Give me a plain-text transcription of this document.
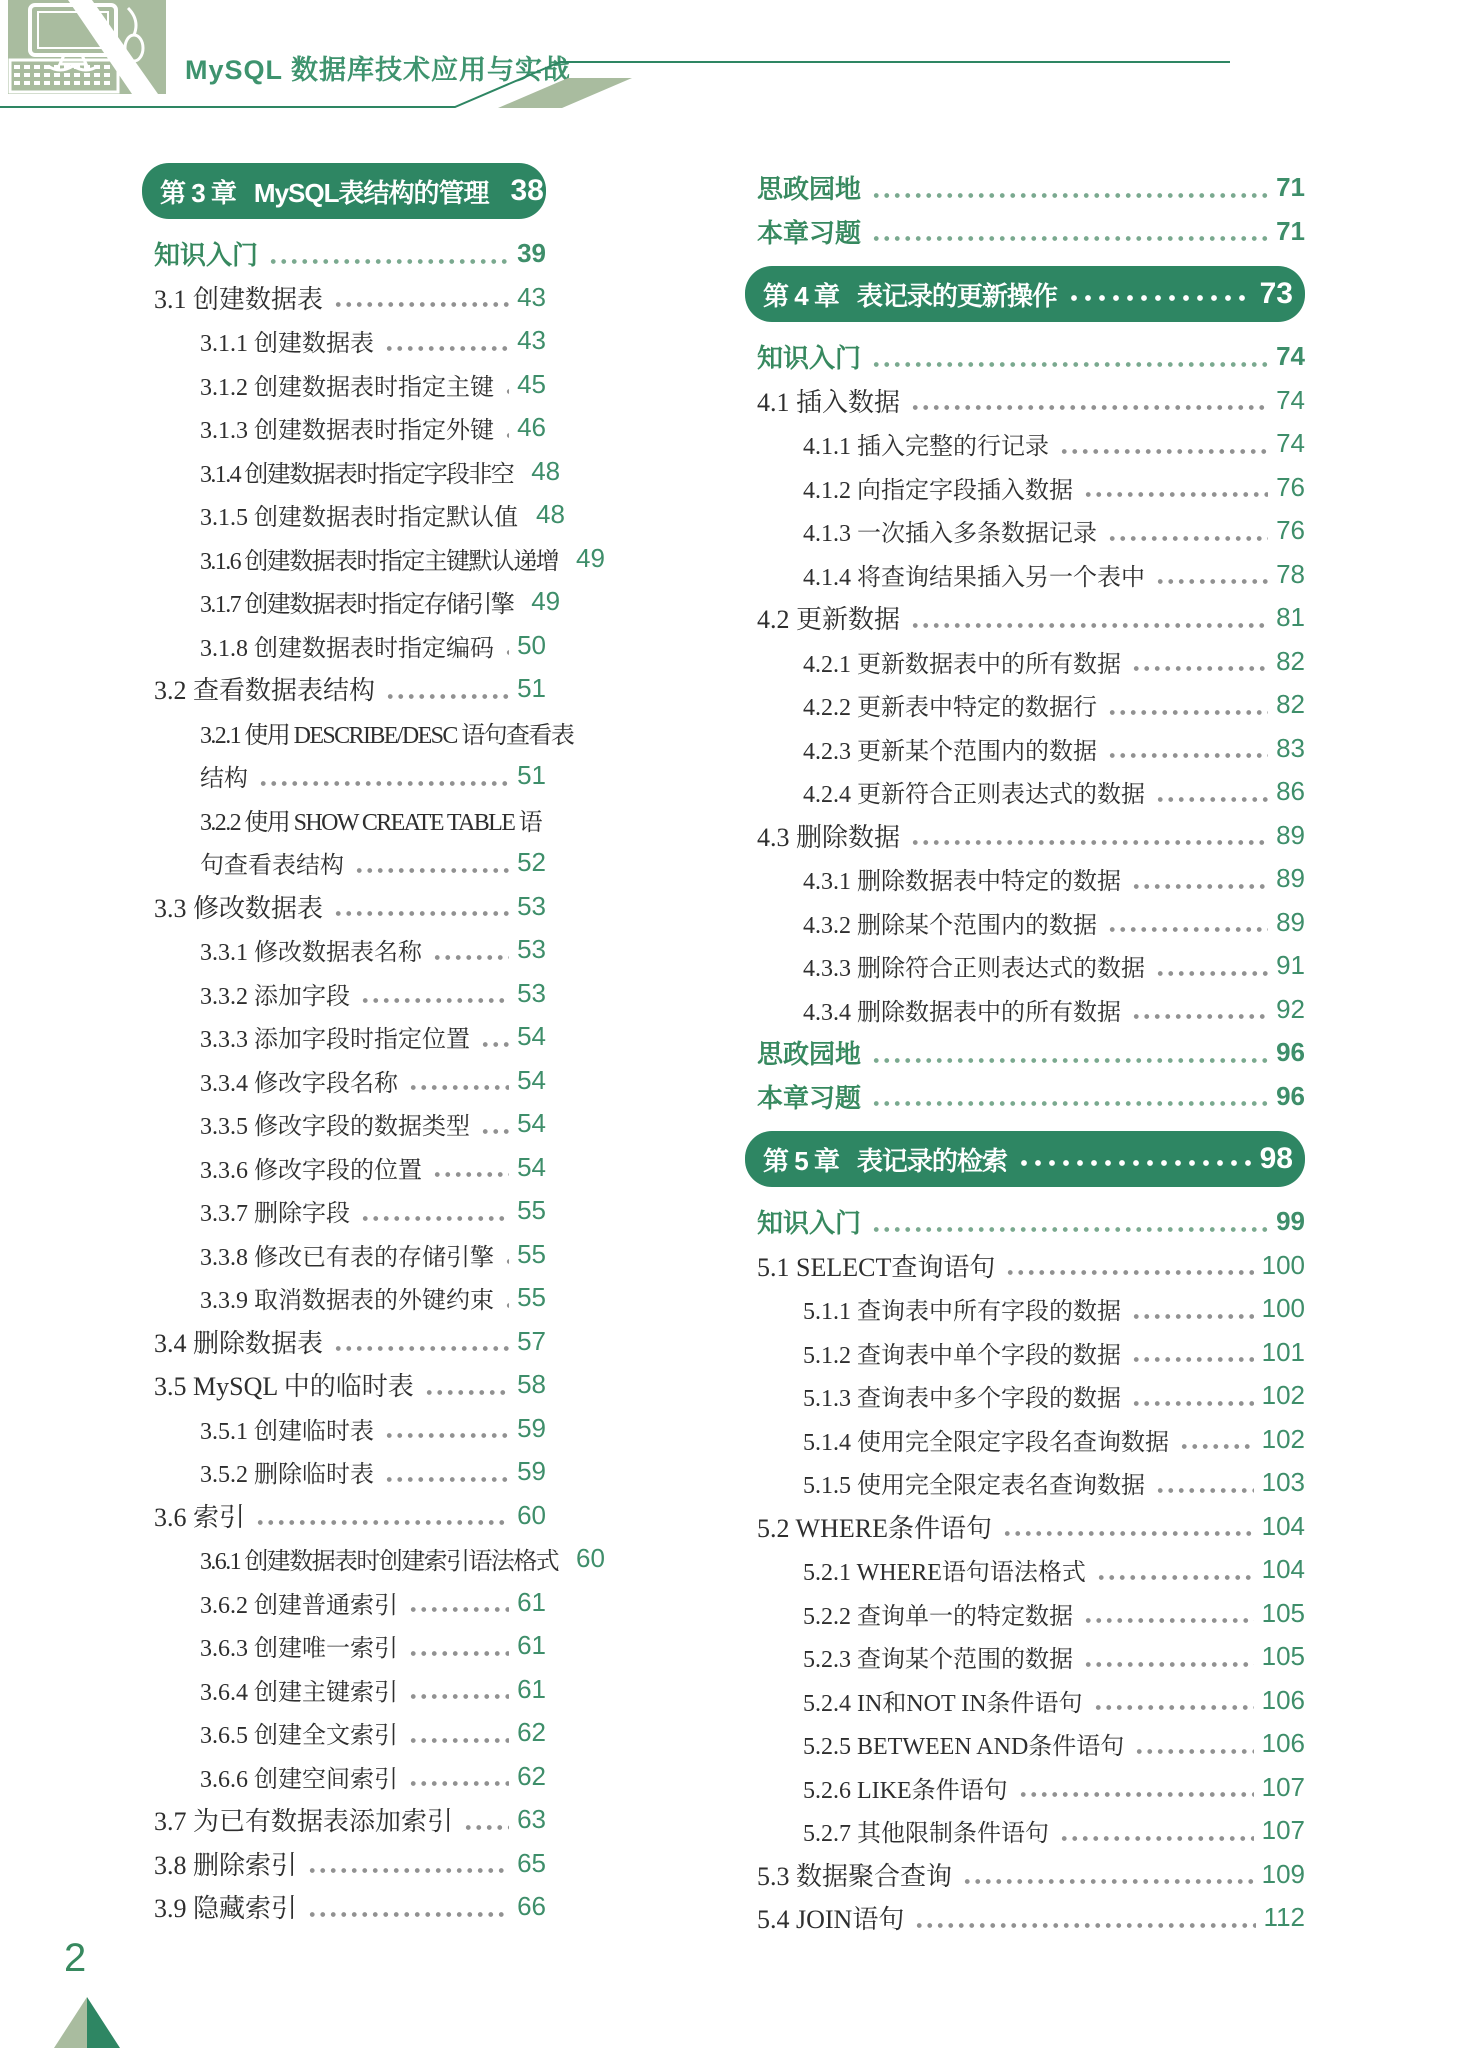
MySQL 数据库技术应用与实战
第 3 章 MySQL表结构的管理 38
知识入门	39
3.1 创建数据表	43
3.1.1 创建数据表	43
3.1.2 创建数据表时指定主键 45
3.1.3 创建数据表时指定外键 46
3.1.4 创建数据表时指定字段非空 48
3.1.5 创建数据表时指定默认值 48
3.1.6 创建数据表时指定主键默认递增 49
3.1.7 创建数据表时指定存储引擎 49
3.1.8 创建数据表时指定编码 50
3.2 查看数据表结构	51
3.2.1 使用 DESCRIBE/DESC 语句查看表
结构	51
3.2.2 使用 SHOW CREATE TABLE 语
句查看表结构	52
3.3 修改数据表	53
3.3.1 修改数据表名称	53
3.3.2 添加字段	53
3.3.3 添加字段时指定位置 54
3.3.4 修改字段名称	54
3.3.5 修改字段的数据类型 54
3.3.6 修改字段的位置	54
3.3.7 删除字段	55
3.3.8 修改已有表的存储引擎 55
3.3.9 取消数据表的外键约束 55
3.4 删除数据表	57
3.5 MySQL 中的临时表	58
3.5.1 创建临时表	59
3.5.2 删除临时表	59
3.6 索引	60
3.6.1 创建数据表时创建索引语法格式 60
3.6.2 创建普通索引	61
3.6.3 创建唯一索引	61
3.6.4 创建主键索引	61
3.6.5 创建全文索引	62
3.6.6 创建空间索引	62
3.7 为已有数据表添加索引 63
3.8 删除索引	65
3.9 隐藏索引	66
思政园地	71
本章习题	71
第 4 章 表记录的更新操作	73
知识入门	74
4.1 插入数据	74
4.1.1 插入完整的行记录	74
4.1.2 向指定字段插入数据	76
4.1.3 一次插入多条数据记录	76
4.1.4 将查询结果插入另一个表中	78
4.2 更新数据	81
4.2.1 更新数据表中的所有数据	82
4.2.2 更新表中特定的数据行	82
4.2.3 更新某个范围内的数据	83
4.2.4 更新符合正则表达式的数据	86
4.3 删除数据	89
4.3.1 删除数据表中特定的数据	89
4.3.2 删除某个范围内的数据	89
4.3.3 删除符合正则表达式的数据	91
4.3.4 删除数据表中的所有数据	92
思政园地	96
本章习题	96
第 5 章 表记录的检索	98
知识入门	99
5.1 SELECT查询语句	100
5.1.1 查询表中所有字段的数据	100
5.1.2 查询表中单个字段的数据	101
5.1.3 查询表中多个字段的数据	102
5.1.4 使用完全限定字段名查询数据	102
5.1.5 使用完全限定表名查询数据	103
5.2 WHERE条件语句	104
5.2.1 WHERE语句语法格式	104
5.2.2 查询单一的特定数据	105
5.2.3 查询某个范围的数据	105
5.2.4 IN和NOT IN条件语句	106
5.2.5 BETWEEN AND条件语句	106
5.2.6 LIKE条件语句	107
5.2.7 其他限制条件语句	107
5.3 数据聚合查询	109
5.4 JOIN语句	112
2
